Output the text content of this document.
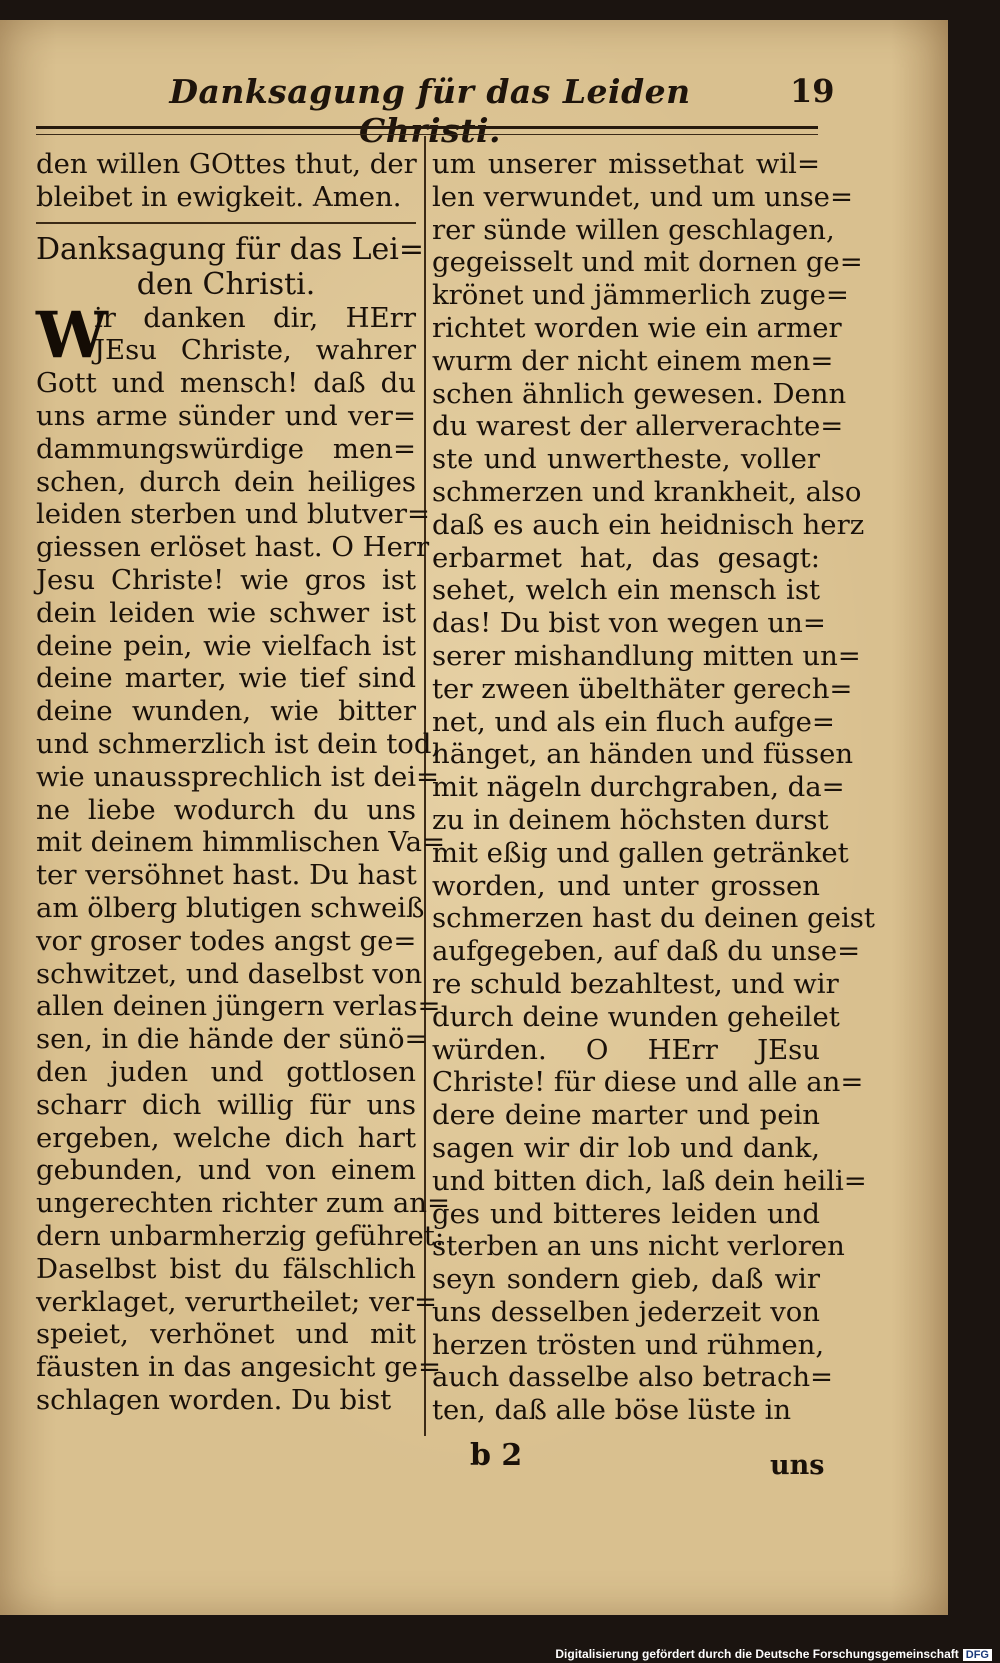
Danksagung für das Leiden Christi.
19
den willen GOttes thut, der
bleibet in ewigkeit. Amen.
Danksagung für das Lei=
den Christi.
W
ir danken dir, HErr
JEsu Christe, wahrer
Gott und mensch! daß du
uns arme sünder und ver=
dammungswürdige men=
schen, durch dein heiliges
leiden sterben und blutver=
giessen erlöset hast. O Herr
Jesu Christe! wie gros ist
dein leiden wie schwer ist
deine pein, wie vielfach ist
deine marter, wie tief sind
deine wunden, wie bitter
und schmerzlich ist dein tod,
wie unaussprechlich ist dei=
ne liebe wodurch du uns
mit deinem himmlischen Va=
ter versöhnet hast. Du hast
am ölberg blutigen schweiß
vor groser todes angst ge=
schwitzet, und daselbst von
allen deinen jüngern verlas=
sen, in die hände der sünö=
den juden und gottlosen
scharr dich willig für uns
ergeben, welche dich hart
gebunden, und von einem
ungerechten richter zum an=
dern unbarmherzig geführet:
Daselbst bist du fälschlich
verklaget, verurtheilet; ver=
speiet, verhönet und mit
fäusten in das angesicht ge=
schlagen worden. Du bist
um unserer missethat wil=
len verwundet, und um unse=
rer sünde willen geschlagen,
gegeisselt und mit dornen ge=
krönet und jämmerlich zuge=
richtet worden wie ein armer
wurm der nicht einem men=
schen ähnlich gewesen. Denn
du warest der allerverachte=
ste und unwertheste, voller
schmerzen und krankheit, also
daß es auch ein heidnisch herz
erbarmet hat, das gesagt:
sehet, welch ein mensch ist
das! Du bist von wegen un=
serer mishandlung mitten un=
ter zween übelthäter gerech=
net, und als ein fluch aufge=
hänget, an händen und füssen
mit nägeln durchgraben, da=
zu in deinem höchsten durst
mit eßig und gallen getränket
worden, und unter grossen
schmerzen hast du deinen geist
aufgegeben, auf daß du unse=
re schuld bezahltest, und wir
durch deine wunden geheilet
würden. O HErr JEsu
Christe! für diese und alle an=
dere deine marter und pein
sagen wir dir lob und dank,
und bitten dich, laß dein heili=
ges und bitteres leiden und
sterben an uns nicht verloren
seyn sondern gieb, daß wir
uns desselben jederzeit von
herzen trösten und rühmen,
auch dasselbe also betrach=
ten, daß alle böse lüste in
b 2	uns
Digitalisierung gefördert durch die Deutsche Forschungsgemeinschaft DFG
